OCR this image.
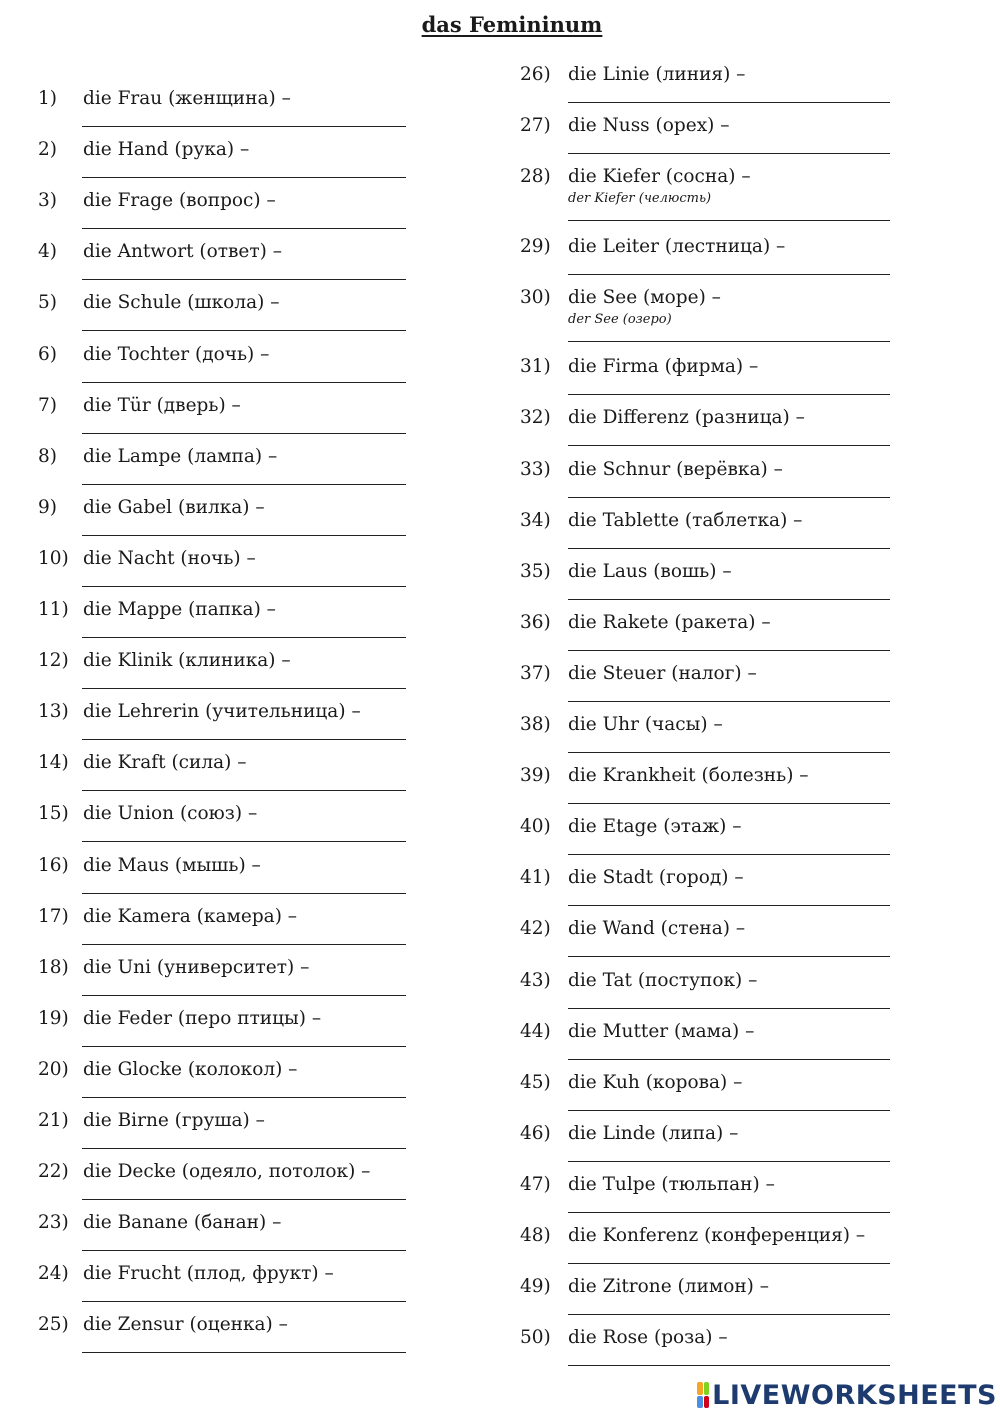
das Femininum
1) die Frau (женщина) –
2) die Hand (рука) –
3) die Frage (вопрос) –
4) die Antwort (ответ) –
5) die Schule (школа) –
6) die Tochter (дочь) –
7) die Tür (дверь) –
8) die Lampe (лампа) –
9) die Gabel (вилка) –
10) die Nacht (ночь) –
11) die Mappe (папка) –
12) die Klinik (клиника) –
13) die Lehrerin (учительница) –
14) die Kraft (сила) –
15) die Union (союз) –
16) die Maus (мышь) –
17) die Kamera (камера) –
18) die Uni (университет) –
19) die Feder (перо птицы) –
20) die Glocke (колокол) –
21) die Birne (груша) –
22) die Decke (одеяло, потолок) –
23) die Banane (банан) –
24) die Frucht (плод, фрукт) –
25) die Zensur (оценка) –
26) die Linie (линия) –
27) die Nuss (орех) –
28) die Kiefer (сосна) –
der Kiefer (челюсть)
29) die Leiter (лестница) –
30) die See (море) –
der See (озеро)
31) die Firma (фирма) –
32) die Differenz (разница) –
33) die Schnur (верёвка) –
34) die Tablette (таблетка) –
35) die Laus (вошь) –
36) die Rakete (ракета) –
37) die Steuer (налог) –
38) die Uhr (часы) –
39) die Krankheit (болезнь) –
40) die Etage (этаж) –
41) die Stadt (город) –
42) die Wand (стена) –
43) die Tat (поступок) –
44) die Mutter (мама) –
45) die Kuh (корова) –
46) die Linde (липа) –
47) die Tulpe (тюльпан) –
48) die Konferenz (конференция) –
49) die Zitrone (лимон) –
50) die Rose (роза) –
LIVEWORKSHEETS
